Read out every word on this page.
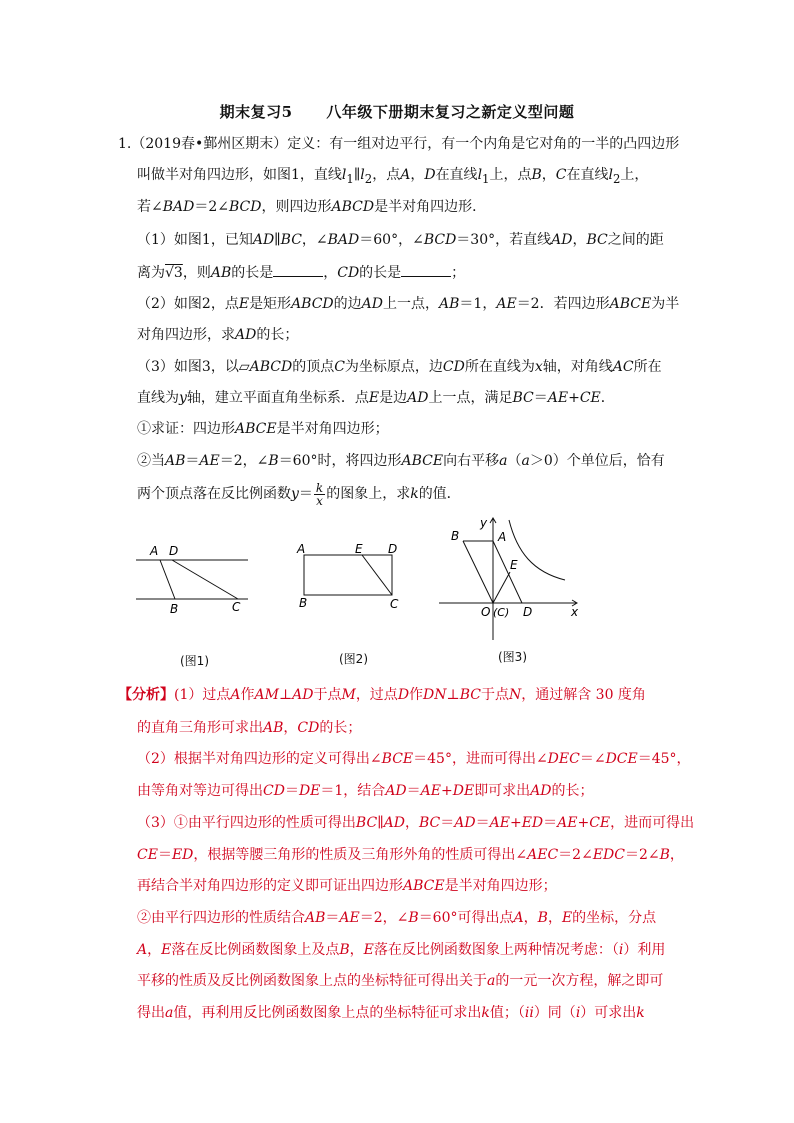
期末复习5 八年级下册期末复习之新定义型问题
1.（2019春•鄞州区期末）定义：有一组对边平行，有一个内角是它对角的一半的凸四边形
叫做半对角四边形，如图1，直线$l_1\parallel l_2$，点A，D在直线$l_1$上，点B，C在直线$l_2$上，
若∠BAD＝2∠BCD，则四边形ABCD是半对角四边形．
（1）如图1，已知AD∥BC，∠BAD＝60°，∠BCD＝30°，若直线AD，BC之间的距
离为√3，则AB的长是	，CD的长是	；
（2）如图2，点E是矩形ABCD的边AD上一点，AB＝1，AE＝2．若四边形ABCE为半
对角四边形，求AD的长；
（3）如图3，以▱ABCD的顶点C为坐标原点，边CD所在直线为x轴，对角线AC所在
直线为y轴，建立平面直角坐标系．点E是边AD上一点，满足BC＝AE+CE．
①求证：四边形ABCE是半对角四边形；
②当AB＝AE＝2，∠B＝60°时，将四边形ABCE向右平移a（a＞0）个单位后，恰有
两个顶点落在反比例函数$y= \frac{k}{x}$ 的图象上，求k的值．
A D
B	C
(图1)
A	E D
B	C
(图2)
y
x
B	A
E
O (C) D
(图3)
【分析】(1）过点A作AM⊥AD于点M，过点D作DN⊥BC于点N，通过解含 30 度角
的直角三角形可求出AB，CD的长；
（2）根据半对角四边形的定义可得出∠BCE＝45°，进而可得出∠DEC＝∠DCE＝45°，
由等角对等边可得出CD＝DE＝1，结合AD＝AE+DE即可求出AD的长；
（3）①由平行四边形的性质可得出BC∥AD，BC＝AD＝AE+ED＝AE+CE，进而可得出
CE＝ED，根据等腰三角形的性质及三角形外角的性质可得出∠AEC＝2∠EDC＝2∠B，
再结合半对角四边形的定义即可证出四边形ABCE是半对角四边形；
②由平行四边形的性质结合AB＝AE＝2，∠B＝60°可得出点A，B，E的坐标，分点
A，E落在反比例函数图象上及点B，E落在反比例函数图象上两种情况考虑：（i）利用
平移的性质及反比例函数图象上点的坐标特征可得出关于a的一元一次方程，解之即可
得出a值，再利用反比例函数图象上点的坐标特征可求出k值；（ii）同（i）可求出k
